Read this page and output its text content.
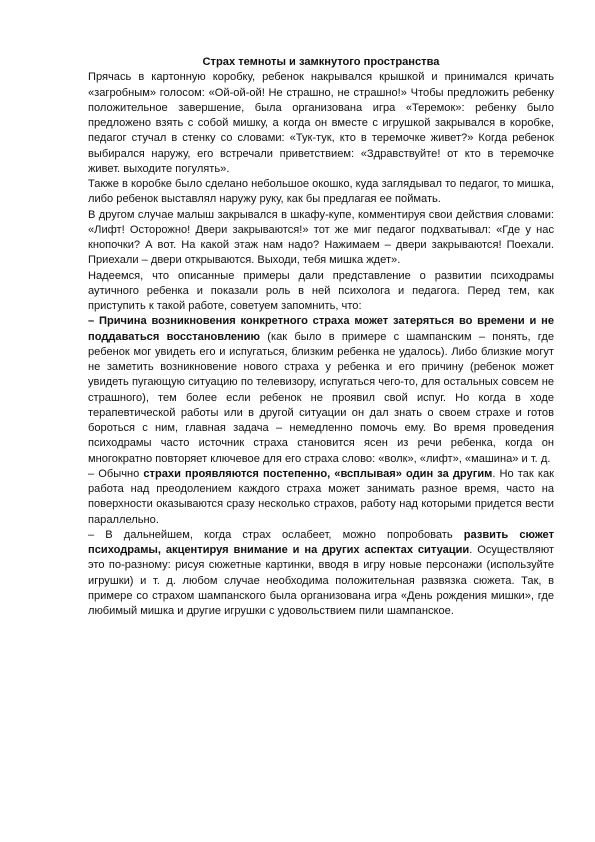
Страх темноты и замкнутого пространства

Прячась в картонную коробку, ребенок накрывался крышкой и принимался кричать «загробным» голосом: «Ой-ой-ой! Не страшно, не страшно!» Чтобы предложить ребенку положительное завершение, была организована игра «Теремок»: ребенку было предложено взять с собой мишку, а когда он вместе с игрушкой закрывался в коробке, педагог стучал в стенку со словами: «Тук-тук, кто в теремочке живет?» Когда ребенок выбирался наружу, его встречали приветствием: «Здравствуйте! от кто в теремочке живет. выходите погулять».

Также в коробке было сделано небольшое окошко, куда заглядывал то педагог, то мишка, либо ребенок выставлял наружу руку, как бы предлагая ее поймать.

В другом случае малыш закрывался в шкафу-купе, комментируя свои действия словами: «Лифт! Осторожно! Двери закрываются!» тот же миг педагог подхватывал: «Где у нас кнопочки? А вот. На какой этаж нам надо? Нажимаем – двери закрываются! Поехали. Приехали – двери открываются. Выходи, тебя мишка ждет».

Надеемся, что описанные примеры дали представление о развитии психодрамы аутичного ребенка и показали роль в ней психолога и педагога. Перед тем, как приступить к такой работе, советуем запомнить, что:

– Причина возникновения конкретного страха может затеряться во времени и не поддаваться восстановлению (как было в примере с шампанским – понять, где ребенок мог увидеть его и испугаться, близким ребенка не удалось). Либо близкие могут не заметить возникновение нового страха у ребенка и его причину (ребенок может увидеть пугающую ситуацию по телевизору, испугаться чего-то, для остальных совсем не страшного), тем более если ребенок не проявил свой испуг. Но когда в ходе терапевтической работы или в другой ситуации он дал знать о своем страхе и готов бороться с ним, главная задача – немедленно помочь ему. Во время проведения психодрамы часто источник страха становится ясен из речи ребенка, когда он многократно повторяет ключевое для его страха слово: «волк», «лифт», «машина» и т. д.

– Обычно страхи проявляются постепенно, «всплывая» один за другим. Но так как работа над преодолением каждого страха может занимать разное время, часто на поверхности оказываются сразу несколько страхов, работу над которыми придется вести параллельно.

– В дальнейшем, когда страх ослабеет, можно попробовать развить сюжет психодрамы, акцентируя внимание и на других аспектах ситуации. Осуществляют это по-разному: рисуя сюжетные картинки, вводя в игру новые персонажи (используйте игрушки) и т. д. любом случае необходима положительная развязка сюжета. Так, в примере со страхом шампанского была организована игра «День рождения мишки», где любимый мишка и другие игрушки с удовольствием пили шампанское.
